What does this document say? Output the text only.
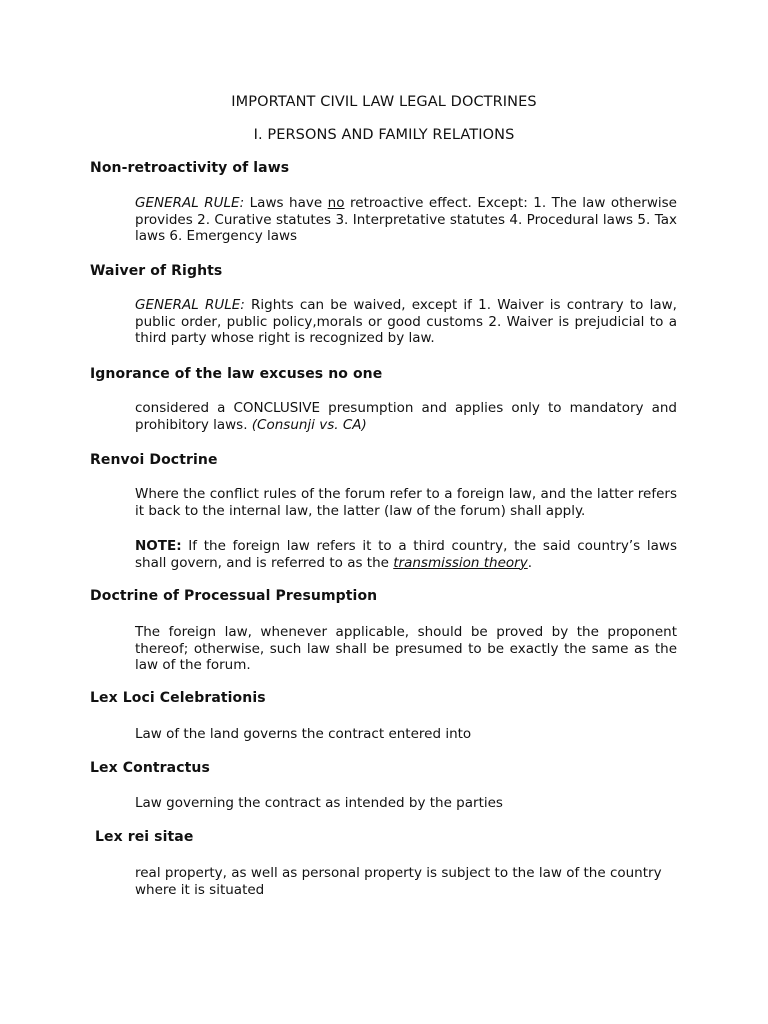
IMPORTANT CIVIL LAW LEGAL DOCTRINES
I. PERSONS AND FAMILY RELATIONS
Non-retroactivity of laws
GENERAL RULE: Laws have no retroactive effect. Except: 1. The law otherwise provides 2. Curative statutes 3. Interpretative statutes 4. Procedural laws 5. Tax laws 6. Emergency laws
Waiver of Rights
GENERAL RULE: Rights can be waived, except if 1. Waiver is contrary to law, public order, public policy,morals or good customs 2. Waiver is prejudicial to a third party whose right is recognized by law.
Ignorance of the law excuses no one
considered a CONCLUSIVE presumption and applies only to mandatory and prohibitory laws. (Consunji vs. CA)
Renvoi Doctrine
Where the conflict rules of the forum refer to a foreign law, and the latter refers it back to the internal law, the latter (law of the forum) shall apply.
NOTE: If the foreign law refers it to a third country, the said country’s laws shall govern, and is referred to as the transmission theory.
Doctrine of Processual Presumption
The foreign law, whenever applicable, should be proved by the proponent thereof; otherwise, such law shall be presumed to be exactly the same as the law of the forum.
Lex Loci Celebrationis
Law of the land governs the contract entered into
Lex Contractus
Law governing the contract as intended by the parties
Lex rei sitae
real property, as well as personal property is subject to the law of the country where it is situated
